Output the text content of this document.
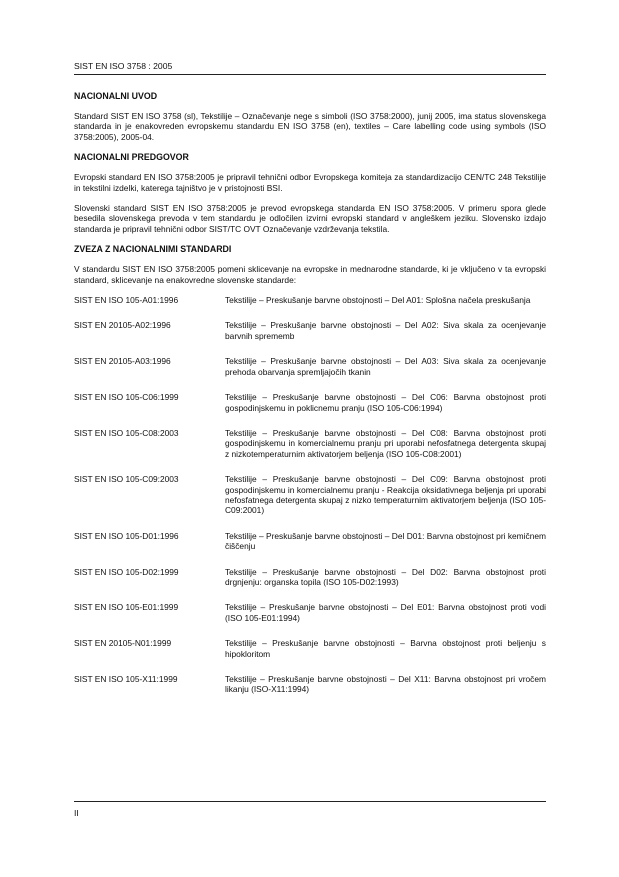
SIST EN ISO 3758 : 2005
NACIONALNI UVOD

Standard SIST EN ISO 3758 (sl), Tekstilije – Označevanje nege s simboli (ISO 3758:2000), junij 2005, ima status slovenskega standarda in je enakovreden evropskemu standardu EN ISO 3758 (en), textiles – Care labelling code using symbols (ISO 3758:2005), 2005-04.

NACIONALNI PREDGOVOR

Evropski standard EN ISO 3758:2005 je pripravil tehnični odbor Evropskega komiteja za standardizacijo CEN/TC 248 Tekstilije in tekstilni izdelki, katerega tajništvo je v pristojnosti BSI.

Slovenski standard SIST EN ISO 3758:2005 je prevod evropskega standarda EN ISO 3758:2005. V primeru spora glede besedila slovenskega prevoda v tem standardu je odločilen izvirni evropski standard v angleškem jeziku. Slovensko izdajo standarda je pripravil tehnični odbor SIST/TC OVT Označevanje vzdrževanja tekstila.

ZVEZA Z NACIONALNIMI STANDARDI

V standardu SIST EN ISO 3758:2005 pomeni sklicevanje na evropske in mednarodne standarde, ki je vključeno v ta evropski standard, sklicevanje na enakovredne slovenske standarde:

SIST EN ISO 105-A01:1996	Tekstilije – Preskušanje barvne obstojnosti – Del A01: Splošna načela preskušanja
SIST EN 20105-A02:1996	Tekstilije – Preskušanje barvne obstojnosti – Del A02: Siva skala za ocenjevanje barvnih sprememb
SIST EN 20105-A03:1996	Tekstilije – Preskušanje barvne obstojnosti – Del A03: Siva skala za ocenjevanje prehoda obarvanja spremljajočih tkanin
SIST EN ISO 105-C06:1999	Tekstilije – Preskušanje barvne obstojnosti – Del C06: Barvna obstojnost proti gospodinjskemu in poklicnemu pranju (ISO 105-C06:1994)
SIST EN ISO 105-C08:2003	Tekstilije – Preskušanje barvne obstojnosti – Del C08: Barvna obstojnost proti gospodinjskemu in komercialnemu pranju pri uporabi nefosfatnega detergenta skupaj z nizkotemperaturnim aktivatorjem beljenja (ISO 105-C08:2001)
SIST EN ISO 105-C09:2003	Tekstilije – Preskušanje barvne obstojnosti – Del C09: Barvna obstojnost proti gospodinjskemu in komercialnemu pranju - Reakcija oksidativnega beljenja pri uporabi nefosfatnega detergenta skupaj z nizko temperaturnim aktivatorjem beljenja (ISO 105-C09:2001)
SIST EN ISO 105-D01:1996	Tekstilije – Preskušanje barvne obstojnosti – Del D01: Barvna obstojnost pri kemičnem čiščenju
SIST EN ISO 105-D02:1999	Tekstilije – Preskušanje barvne obstojnosti – Del D02: Barvna obstojnost proti drgnjenju: organska topila (ISO 105-D02:1993)
SIST EN ISO 105-E01:1999	Tekstilije – Preskušanje barvne obstojnosti – Del E01: Barvna obstojnost proti vodi (ISO 105-E01:1994)
SIST EN 20105-N01:1999	Tekstilije – Preskušanje barvne obstojnosti – Barvna obstojnost proti beljenju s hipokloritom
SIST EN ISO 105-X11:1999	Tekstilije – Preskušanje barvne obstojnosti – Del X11: Barvna obstojnost pri vročem likanju (ISO-X11:1994)
II
